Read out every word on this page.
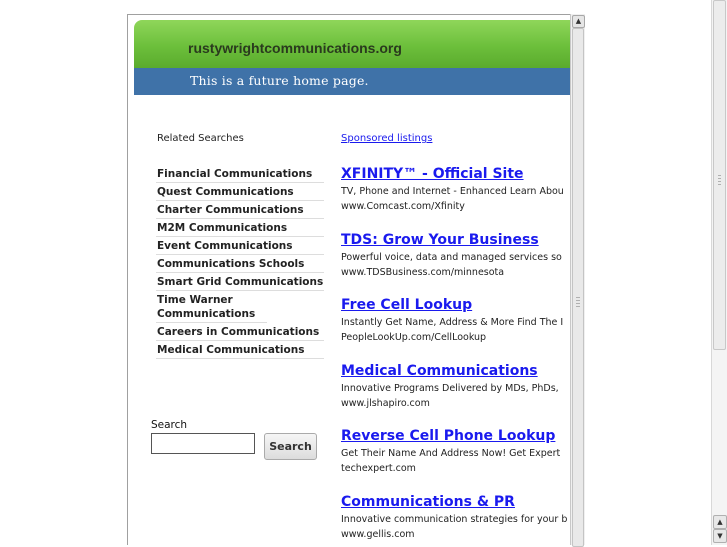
▲
▼
rustywrightcommunications.org
This is a future home page.
Related Searches
Financial Communications
Quest Communications
Charter Communications
M2M Communications
Event Communications
Communications Schools
Smart Grid Communications
Time Warner Communications
Careers in Communications
Medical Communications
Search
Search
Sponsored listings
XFINITY™ - Official Site
TV, Phone and Internet - Enhanced Learn Abou
www.Comcast.com/Xfinity
TDS: Grow Your Business
Powerful voice, data and managed services so
www.TDSBusiness.com/minnesota
Free Cell Lookup
Instantly Get Name, Address & More Find The I
PeopleLookUp.com/CellLookup
Medical Communications
Innovative Programs Delivered by MDs, PhDs,
www.jlshapiro.com
Reverse Cell Phone Lookup
Get Their Name And Address Now! Get Expert
techexpert.com
Communications & PR
Innovative communication strategies for your b
www.gellis.com
▲
